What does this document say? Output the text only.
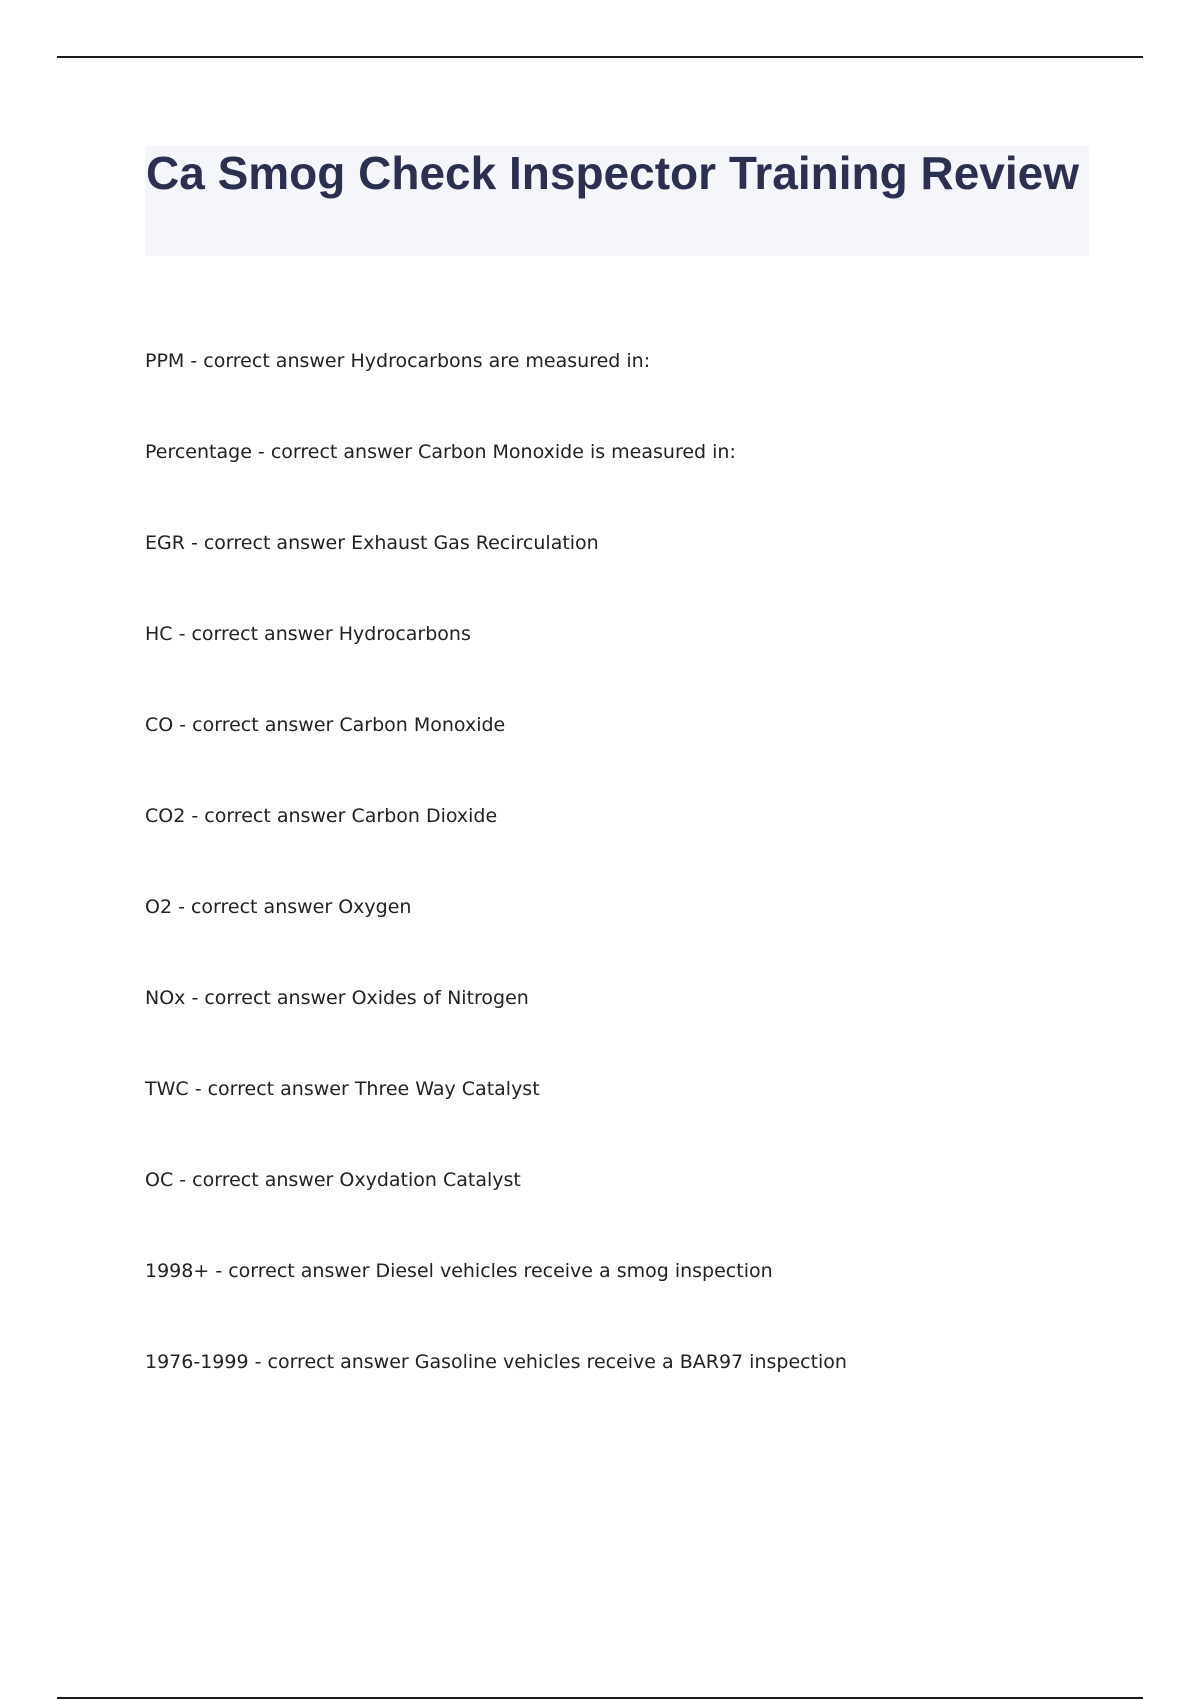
Ca Smog Check Inspector Training Review
PPM - correct answer Hydrocarbons are measured in:
Percentage - correct answer Carbon Monoxide is measured in:
EGR - correct answer Exhaust Gas Recirculation
HC - correct answer Hydrocarbons
CO - correct answer Carbon Monoxide
CO2 - correct answer Carbon Dioxide
O2 - correct answer Oxygen
NOx - correct answer Oxides of Nitrogen
TWC - correct answer Three Way Catalyst
OC - correct answer Oxydation Catalyst
1998+ - correct answer Diesel vehicles receive a smog inspection
1976-1999 - correct answer Gasoline vehicles receive a BAR97 inspection
